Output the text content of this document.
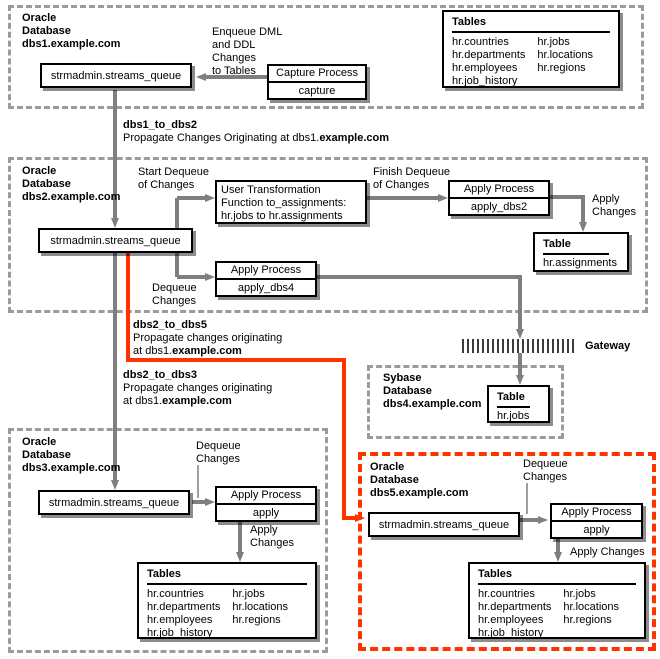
Oracle
Database
dbs1.example.com
Enqueue DML
and DDL
Changes
to Tables
strmadmin.streams_queue	Capture Process
capture
Tables
hr.countries
hr.departments
hr.employees
hr.job_history
hr.jobs
hr.locations
hr.regions
dbs1_to_dbs2
Propagate Changes Originating at dbs1.example.com
Oracle
Database
dbs2.example.com
Start Dequeue
of Changes
Finish Dequeue
of Changes
User Transformation
Function to_assignments:
hr.jobs to hr.assignments
Apply Process
apply_dbs2
Apply
Changes
Table
hr.assignments
strmadmin.streams_queue
Apply Process
apply_dbs4
Dequeue
Changes
dbs2_to_dbs5
Propagate changes originating
at dbs1.example.com
dbs2_to_dbs3
Propagate changes originating
at dbs1.example.com
Gateway
Sybase
Database
dbs4.example.com
Table
hr.jobs
Oracle
Database
dbs3.example.com
Dequeue
Changes
strmadmin.streams_queue
Apply Process
apply
Apply
Changes
Tables
hr.countries
hr.departments
hr.employees
hr.job_history
hr.jobs
hr.locations
hr.regions
Oracle
Database
dbs5.example.com
Dequeue
Changes
strmadmin.streams_queue
Apply Process
apply
Apply Changes
Tables
hr.countries
hr.departments
hr.employees
hr.job_history
hr.jobs
hr.locations
hr.regions
